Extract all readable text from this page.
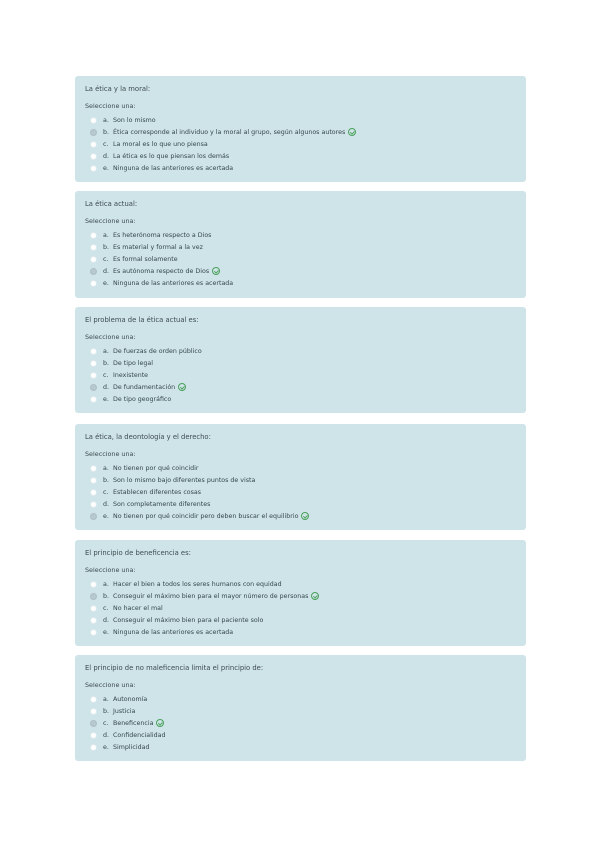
La ética y la moral:
Seleccione una:
a. Son lo mismo
b. Ética corresponde al individuo y la moral al grupo, según algunos autores
c. La moral es lo que uno piensa
d. La ética es lo que piensan los demás
e. Ninguna de las anteriores es acertada
La ética actual:
Seleccione una:
a. Es heterónoma respecto a Dios
b. Es material y formal a la vez
c. Es formal solamente
d. Es autónoma respecto de Dios
e. Ninguna de las anteriores es acertada
El problema de la ética actual es:
Seleccione una:
a. De fuerzas de orden público
b. De tipo legal
c. Inexistente
d. De fundamentación
e. De tipo geográfico
La ética, la deontología y el derecho:
Seleccione una:
a. No tienen por qué coincidir
b. Son lo mismo bajo diferentes puntos de vista
c. Establecen diferentes cosas
d. Son completamente diferentes
e. No tienen por qué coincidir pero deben buscar el equilibrio
El principio de beneficencia es:
Seleccione una:
a. Hacer el bien a todos los seres humanos con equidad
b. Conseguir el máximo bien para el mayor número de personas
c. No hacer el mal
d. Conseguir el máximo bien para el paciente solo
e. Ninguna de las anteriores es acertada
El principio de no maleficencia limita el principio de:
Seleccione una:
a. Autonomía
b. Justicia
c. Beneficencia
d. Confidencialidad
e. Simplicidad
